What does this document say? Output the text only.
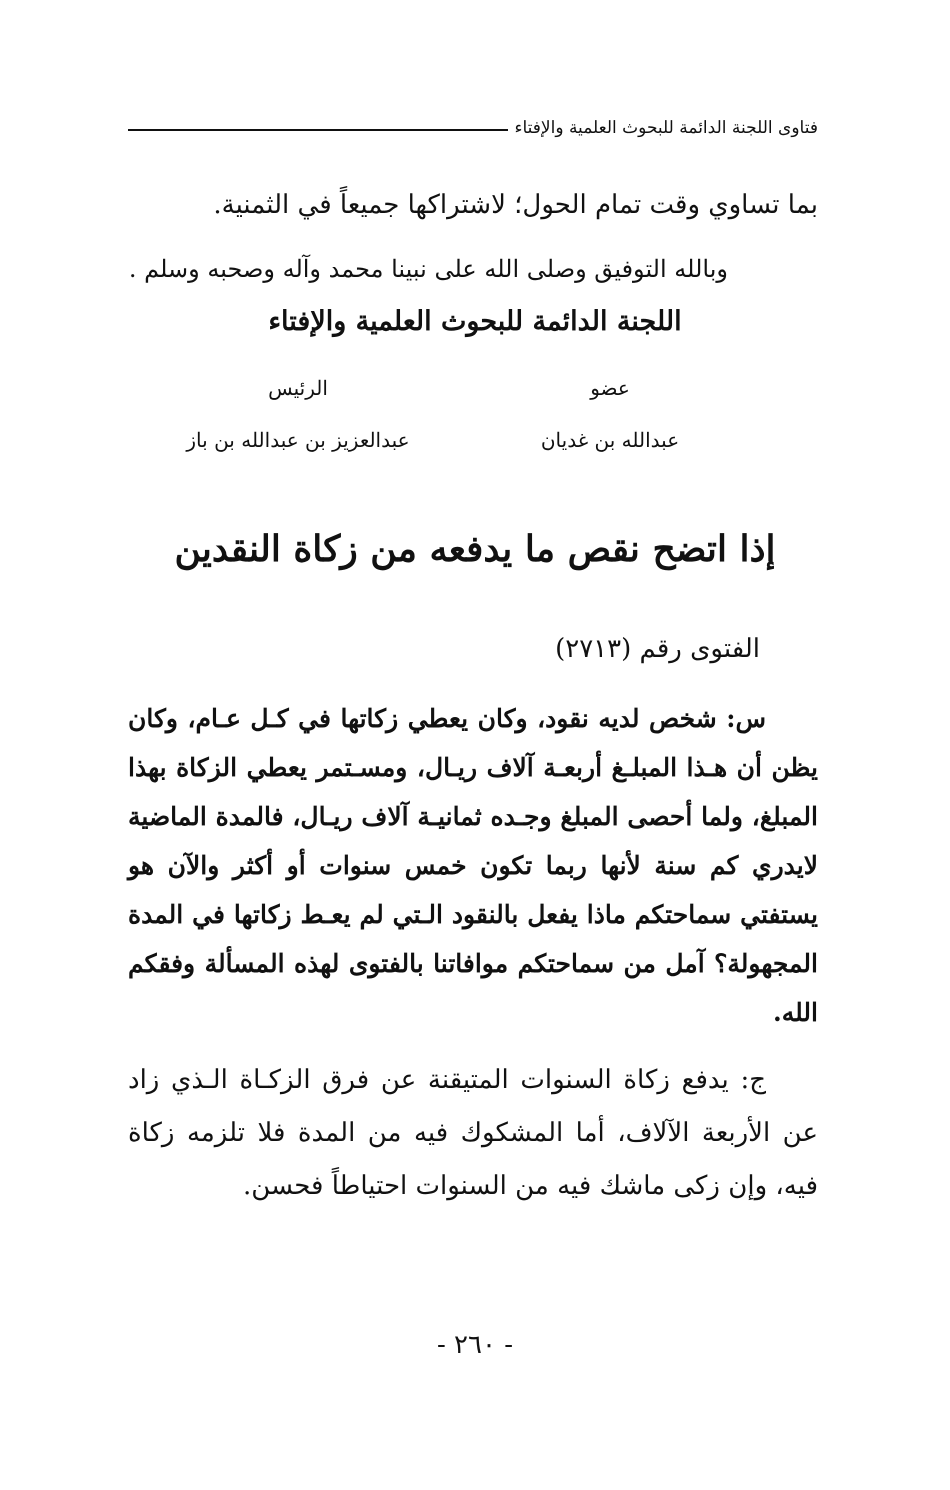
فتاوى اللجنة الدائمة للبحوث العلمية والإفتاء

بما تساوي وقت تمام الحول؛ لاشتراكها جميعاً في الثمنية.

وبالله التوفيق وصلى الله على نبينا محمد وآله وصحبه وسلم .

اللجنة الدائمة للبحوث العلمية والإفتاء

عضو
عبدالله بن غديان
الرئيس
عبدالعزيز بن عبدالله بن باز
إذا اتضح نقص ما يدفعه من زكاة النقدين
الفتوى رقم (٢٧١٣)

س: شخص لديه نقود، وكان يعطي زكاتها في كـل عـام، وكان يظن أن هـذا المبلـغ أربعـة آلاف ريـال، ومسـتمر يعطي الزكاة بهذا المبلغ، ولما أحصى المبلغ وجـده ثمانيـة آلاف ريـال، فالمدة الماضية لايدري كم سنة لأنها ربما تكون خمس سنوات أو أكثر والآن هو يستفتي سماحتكم ماذا يفعل بالنقود الـتي لم يعـط زكاتها في المدة المجهولة؟ آمل من سماحتكم موافاتنا بالفتوى لهذه المسألة وفقكم الله.

ج: يدفع زكاة السنوات المتيقنة عن فرق الزكـاة الـذي زاد عن الأربعة الآلاف، أما المشكوك فيه من المدة فلا تلزمه زكاة فيه، وإن زكى ماشك فيه من السنوات احتياطاً فحسن.

- ٢٦٠ -
